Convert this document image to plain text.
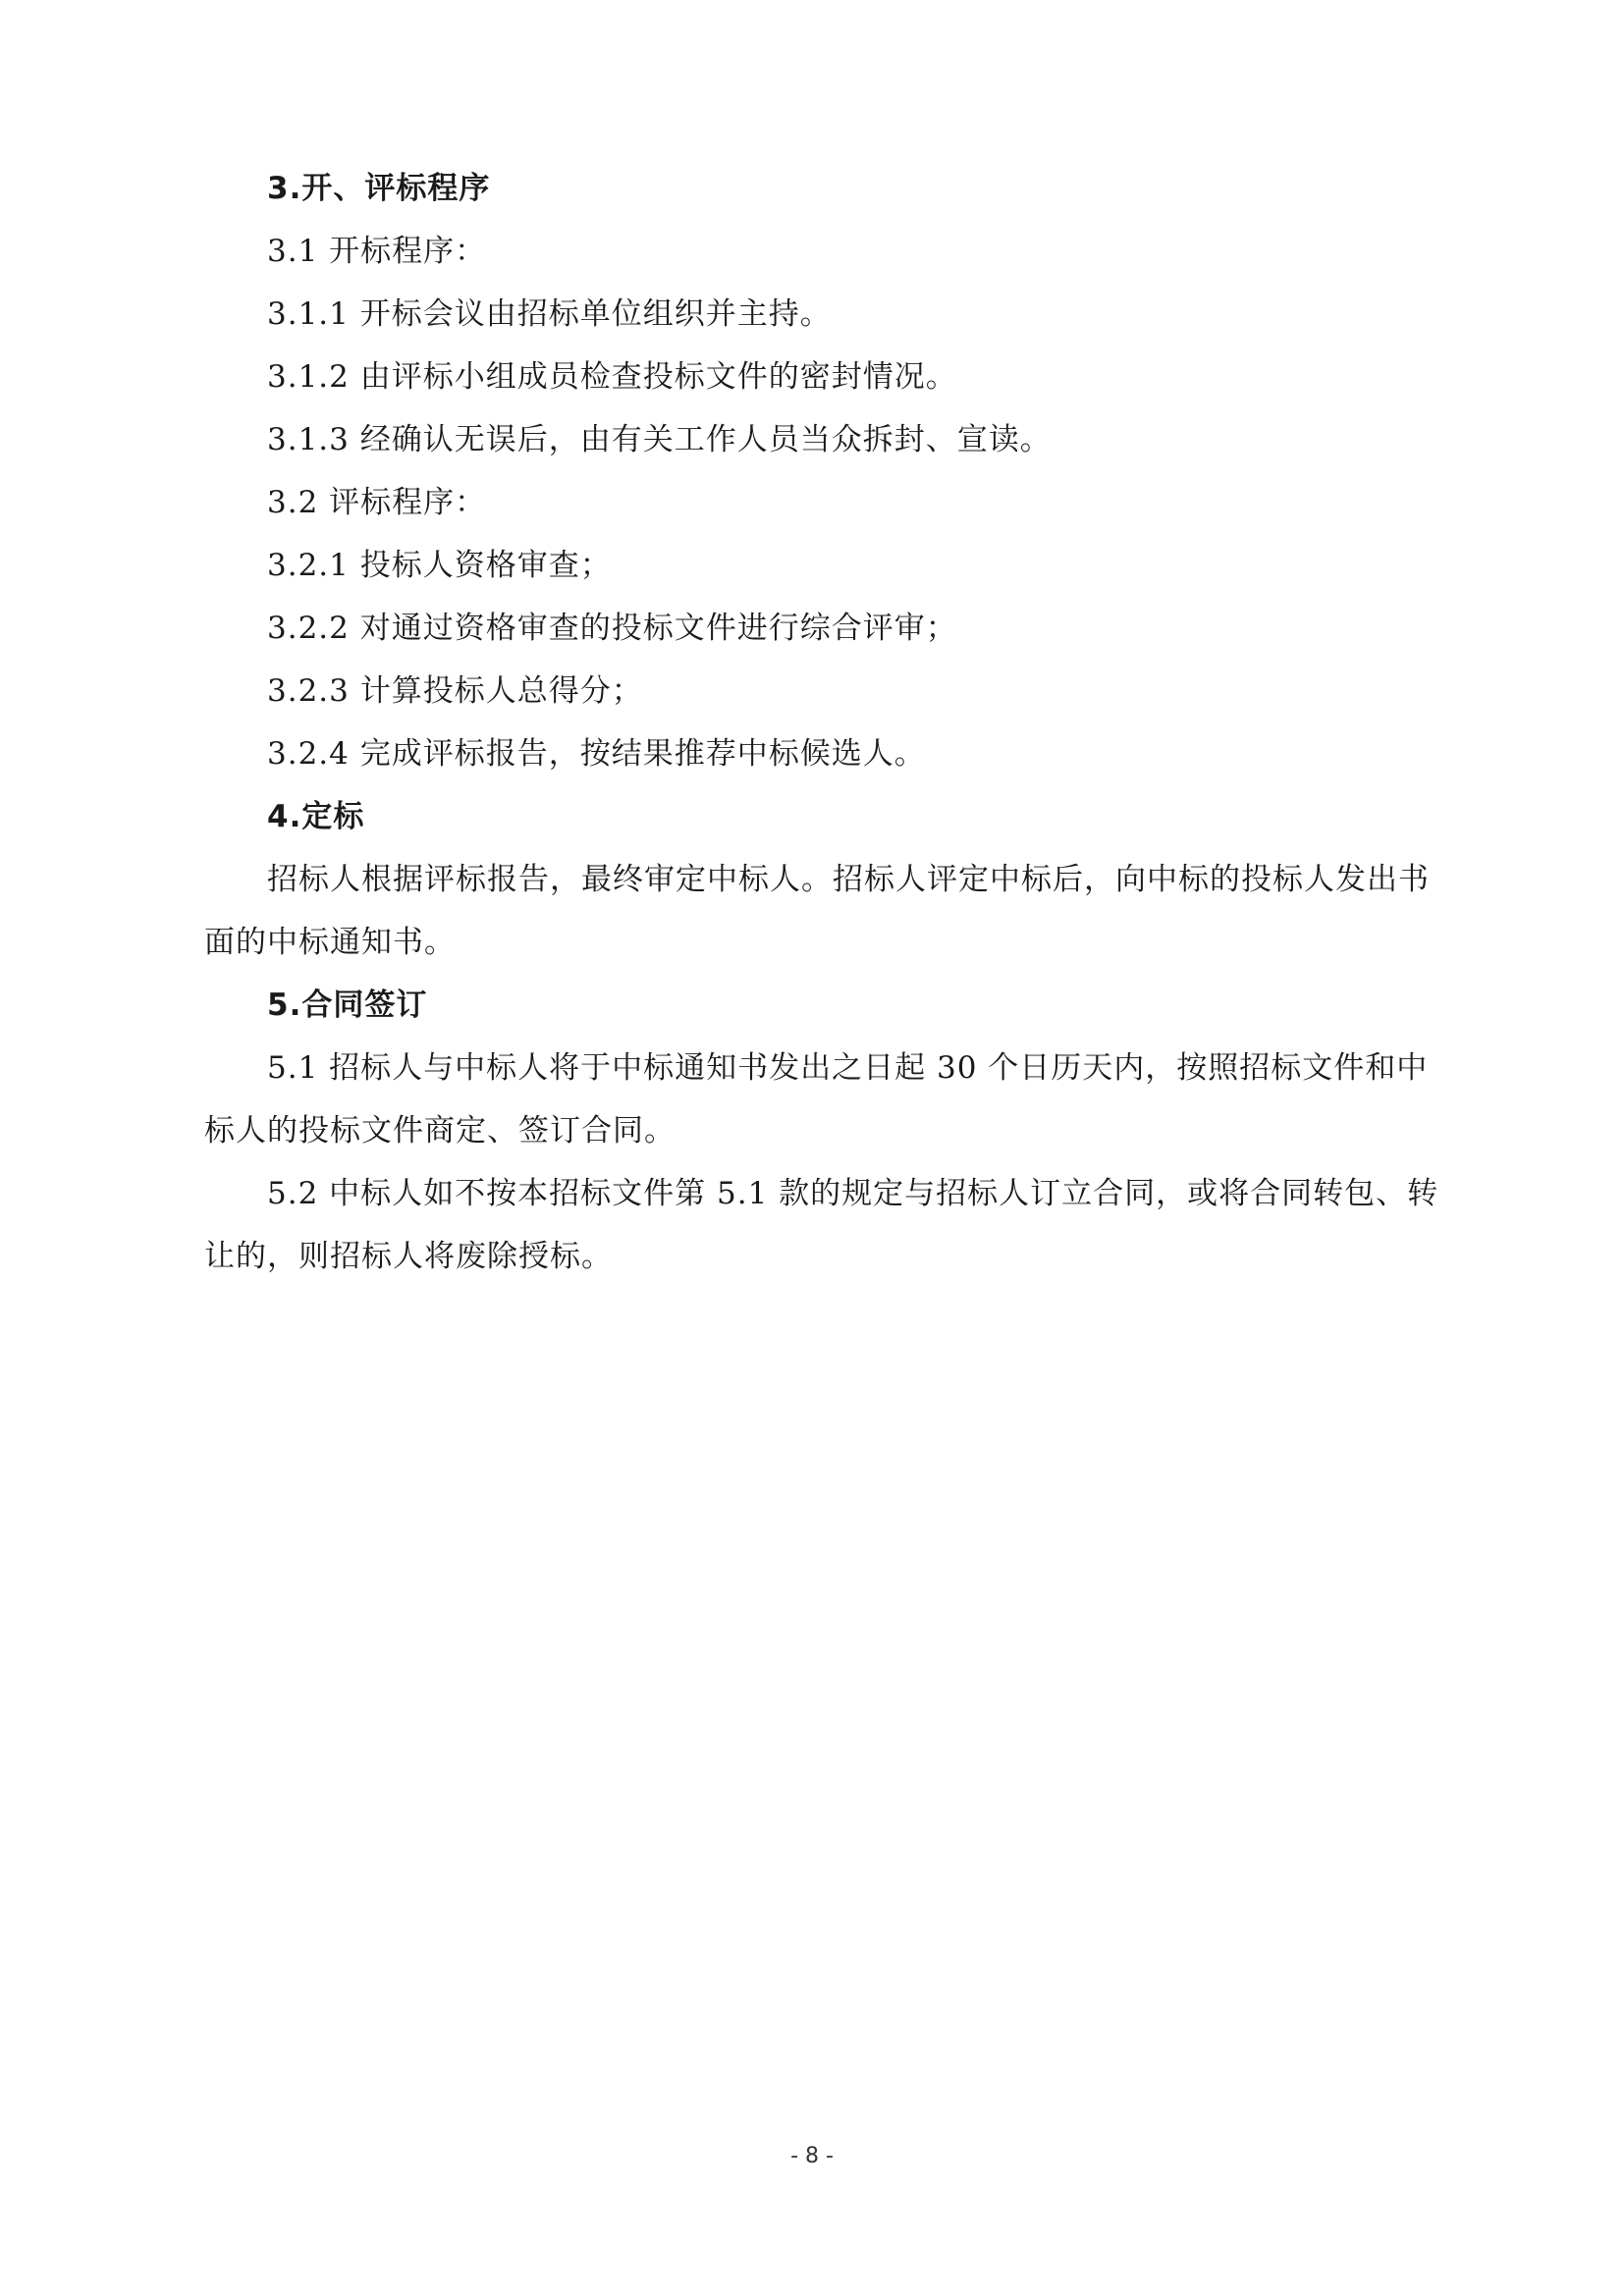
3.开、评标程序
3.1 开标程序：
3.1.1 开标会议由招标单位组织并主持。
3.1.2 由评标小组成员检查投标文件的密封情况。
3.1.3 经确认无误后，由有关工作人员当众拆封、宣读。
3.2 评标程序：
3.2.1 投标人资格审查；
3.2.2 对通过资格审查的投标文件进行综合评审；
3.2.3 计算投标人总得分；
3.2.4 完成评标报告，按结果推荐中标候选人。
4.定标
招标人根据评标报告，最终审定中标人。招标人评定中标后，向中标的投标人发出书
面的中标通知书。
5.合同签订
5.1 招标人与中标人将于中标通知书发出之日起 30 个日历天内，按照招标文件和中
标人的投标文件商定、签订合同。
5.2 中标人如不按本招标文件第 5.1 款的规定与招标人订立合同，或将合同转包、转
让的，则招标人将废除授标。
- 8 -
